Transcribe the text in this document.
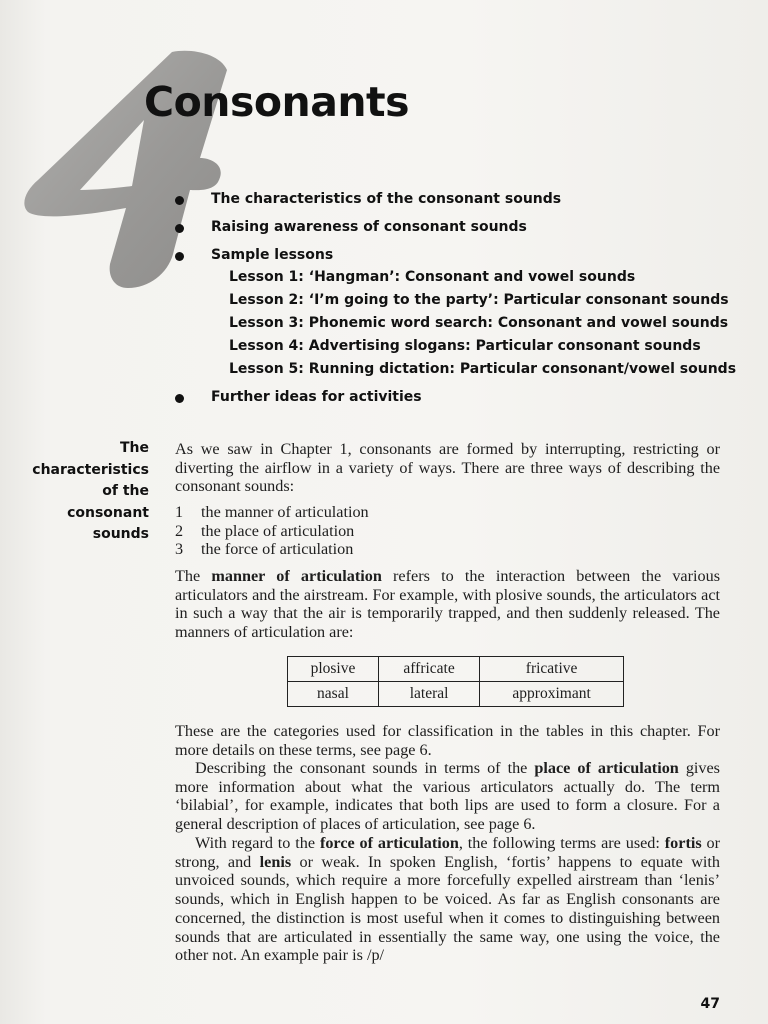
Consonants
The characteristics of the consonant sounds
Raising awareness of consonant sounds
Sample lessons
Lesson 1: ‘Hangman’: Consonant and vowel sounds
Lesson 2: ‘I’m going to the party’: Particular consonant sounds
Lesson 3: Phonemic word search: Consonant and vowel sounds
Lesson 4: Advertising slogans: Particular consonant sounds
Lesson 5: Running dictation: Particular consonant/vowel sounds
Further ideas for activities
The
characteristics
of the
consonant
sounds

As we saw in Chapter 1, consonants are formed by interrupting, restricting or diverting the airflow in a variety of ways. There are three ways of describing the consonant sounds:

1	the manner of articulation
2	the place of articulation
3	the force of articulation

The manner of articulation refers to the interaction between the various articulators and the airstream. For example, with plosive sounds, the articulators act in such a way that the air is temporarily trapped, and then suddenly released. The manners of articulation are:

plosive	affricate	fricative
nasal	lateral	approximant

These are the categories used for classification in the tables in this chapter. For more details on these terms, see page 6.

Describing the consonant sounds in terms of the place of articulation gives more information about what the various articulators actually do. The term ‘bilabial’, for example, indicates that both lips are used to form a closure. For a general description of places of articulation, see page 6.

With regard to the force of articulation, the following terms are used: fortis or strong, and lenis or weak. In spoken English, ‘fortis’ happens to equate with unvoiced sounds, which require a more forcefully expelled airstream than ‘lenis’ sounds, which in English happen to be voiced. As far as English consonants are concerned, the distinction is most useful when it comes to distinguishing between sounds that are articulated in essentially the same way, one using the voice, the other not. An example pair is /p/

47
